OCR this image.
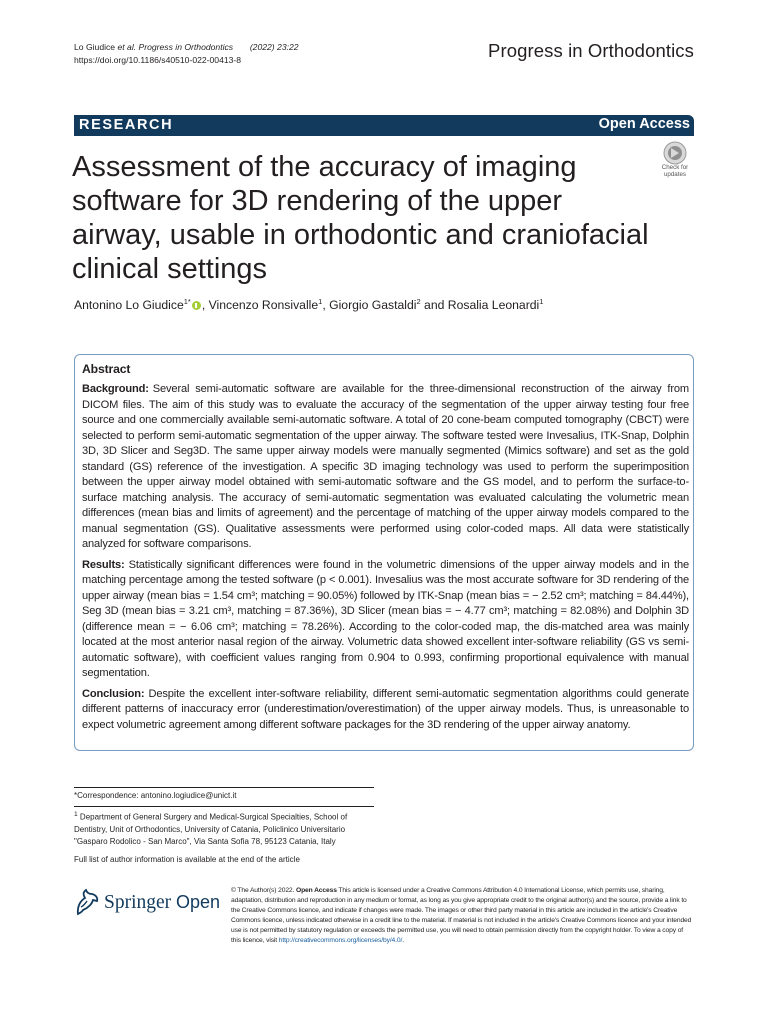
Lo Giudice et al. Progress in Orthodontics (2022) 23:22
https://doi.org/10.1186/s40510-022-00413-8	Progress in Orthodontics
RESEARCH	Open Access
Assessment of the accuracy of imaging software for 3D rendering of the upper airway, usable in orthodontic and craniofacial clinical settings
Check for updates
Antonino Lo Giudice$^{1*}$ , Vincenzo Ronsivalle$^1$, Giorgio Gastaldi$^2$ and Rosalia Leonardi$^1$
Abstract

Background: Several semi-automatic software are available for the three-dimensional reconstruction of the airway from DICOM files. The aim of this study was to evaluate the accuracy of the segmentation of the upper airway testing four free source and one commercially available semi-automatic software. A total of 20 cone-beam computed tomography (CBCT) were selected to perform semi-automatic segmentation of the upper airway. The software tested were Invesalius, ITK-Snap, Dolphin 3D, 3D Slicer and Seg3D. The same upper airway models were manually segmented (Mimics software) and set as the gold standard (GS) reference of the investigation. A specific 3D imaging technology was used to perform the superimposition between the upper airway model obtained with semi-automatic software and the GS model, and to perform the surface-to-surface matching analysis. The accuracy of semi-automatic segmentation was evaluated calculating the volumetric mean differences (mean bias and limits of agreement) and the percentage of matching of the upper airway models compared to the manual segmentation (GS). Qualitative assessments were performed using color-coded maps. All data were statistically analyzed for software comparisons.

Results: Statistically significant differences were found in the volumetric dimensions of the upper airway models and in the matching percentage among the tested software (p < 0.001). Invesalius was the most accurate software for 3D rendering of the upper airway (mean bias = 1.54 cm³; matching = 90.05%) followed by ITK-Snap (mean bias = − 2.52 cm³; matching = 84.44%), Seg 3D (mean bias = 3.21 cm³, matching = 87.36%), 3D Slicer (mean bias = − 4.77 cm³; matching = 82.08%) and Dolphin 3D (difference mean = − 6.06 cm³; matching = 78.26%). According to the color-coded map, the dis-matched area was mainly located at the most anterior nasal region of the airway. Volumetric data showed excellent inter-software reliability (GS vs semi-automatic software), with coefficient values ranging from 0.904 to 0.993, confirming proportional equivalence with manual segmentation.

Conclusion: Despite the excellent inter-software reliability, different semi-automatic segmentation algorithms could generate different patterns of inaccuracy error (underestimation/overestimation) of the upper airway models. Thus, is unreasonable to expect volumetric agreement among different software packages for the 3D rendering of the upper airway anatomy.

*Correspondence: antonino.logiudice@unict.it
$^1$ Department of General Surgery and Medical-Surgical Specialties, School of Dentistry, Unit of Orthodontics, University of Catania, Policlinico Universitario "Gasparo Rodolico - San Marco", Via Santa Sofia 78, 95123 Catania, Italy
Full list of author information is available at the end of the article
Springer Open
© The Author(s) 2022. Open Access This article is licensed under a Creative Commons Attribution 4.0 International License, which permits use, sharing, adaptation, distribution and reproduction in any medium or format, as long as you give appropriate credit to the original author(s) and the source, provide a link to the Creative Commons licence, and indicate if changes were made. The images or other third party material in this article are included in the article's Creative Commons licence, unless indicated otherwise in a credit line to the material. If material is not included in the article's Creative Commons licence and your intended use is not permitted by statutory regulation or exceeds the permitted use, you will need to obtain permission directly from the copyright holder. To view a copy of this licence, visit http://creativecommons.org/licenses/by/4.0/.
